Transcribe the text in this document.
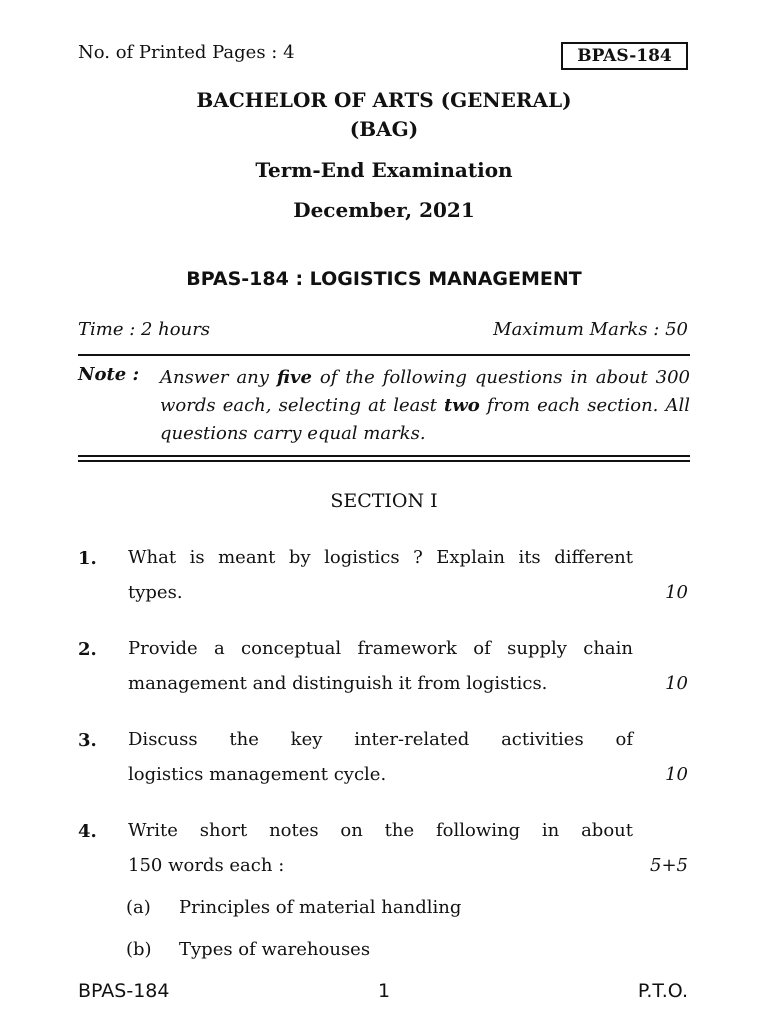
No. of Printed Pages : 4	BPAS-184
BACHELOR OF ARTS (GENERAL)
(BAG)
Term-End Examination
December, 2021
BPAS-184 : LOGISTICS MANAGEMENT
Time : 2 hours	Maximum Marks : 50
Note : Answer any five of the following questions in about 300 words each, selecting at least two from each section. All questions carry equal marks.
SECTION I
1. What is meant by logistics ? Explain its different
types.	10
2. Provide a conceptual framework of supply chain
management and distinguish it from logistics.	10
3. Discuss the key inter-related activities of
logistics management cycle.	10
4. Write short notes on the following in about
150 words each :	5+5
(a) Principles of material handling
(b) Types of warehouses
BPAS-184	1	P.T.O.
